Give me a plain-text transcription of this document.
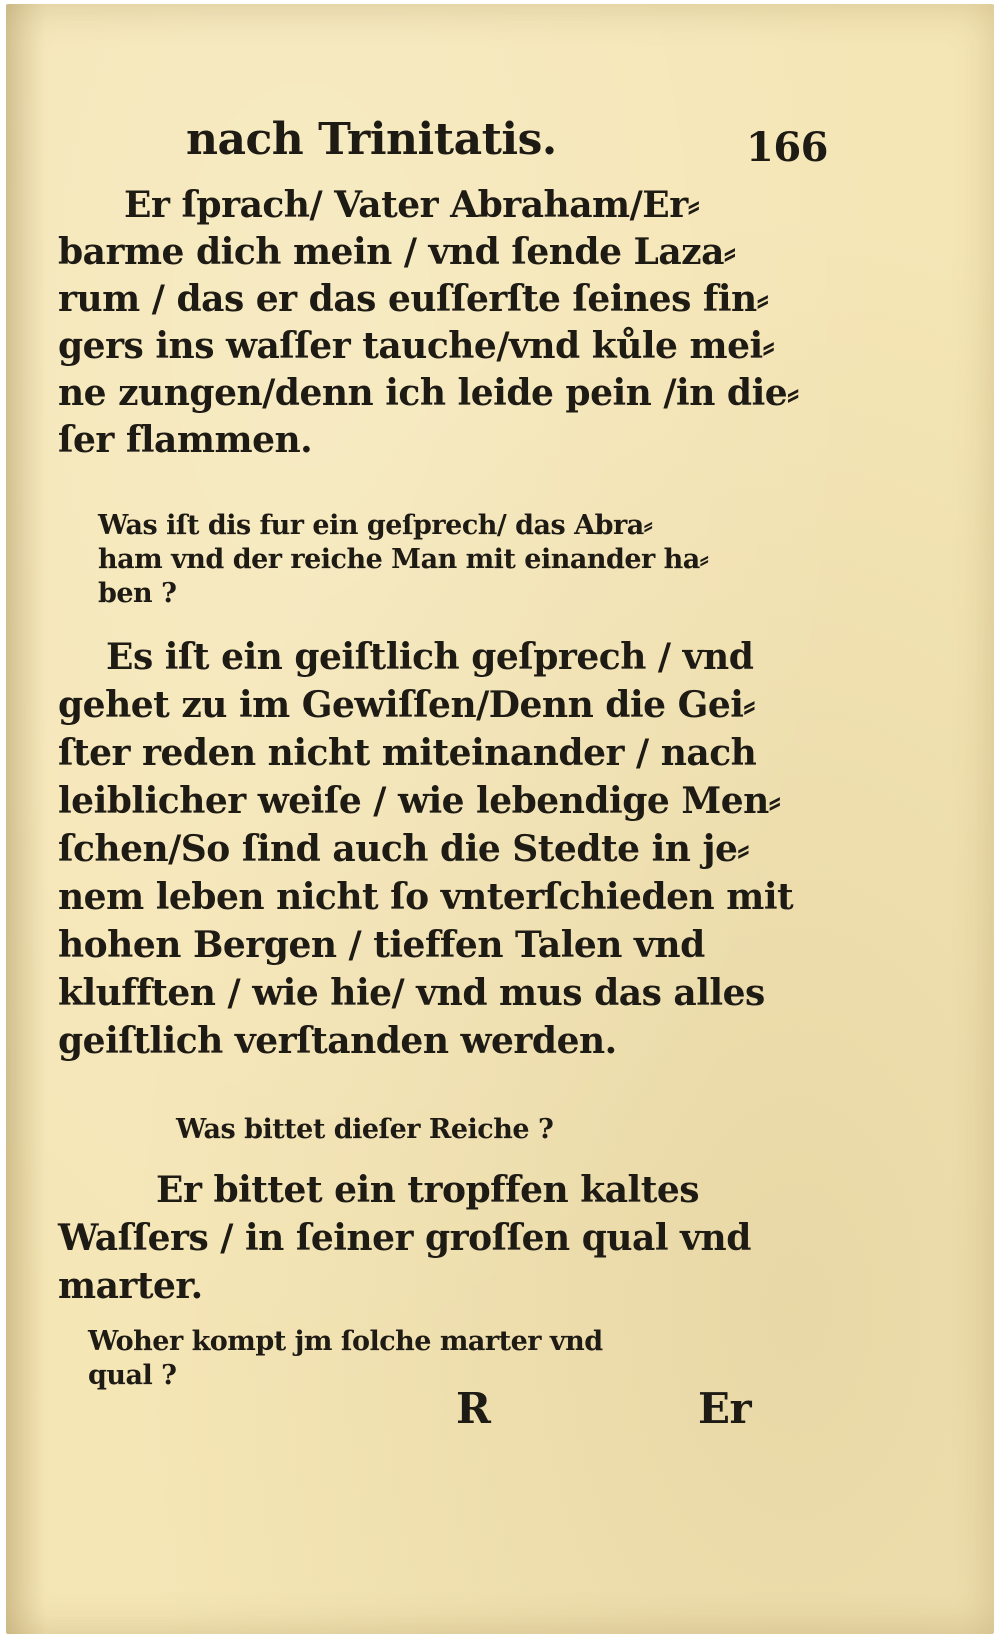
nach Trinitatis.	166
Er ſprach/ Vater Abraham/Er⸗
barme dich mein / vnd ſende Laza⸗
rum / das er das euſſerſte ſeines fin⸗
gers ins waſſer tauche/vnd kůle mei⸗
ne zungen/denn ich leide pein /in die⸗
ſer flammen.
Was iſt dis fur ein geſprech/ das Abra⸗
ham vnd der reiche Man mit einander ha⸗
ben ?
Es iſt ein geiſtlich geſprech / vnd
gehet zu im Gewiſſen/Denn die Gei⸗
ſter reden nicht miteinander / nach
leiblicher weiſe / wie lebendige Men⸗
ſchen/So ſind auch die Stedte in je⸗
nem leben nicht ſo vnterſchieden mit
hohen Bergen / tieffen Talen vnd
klufften / wie hie/ vnd mus das alles
geiſtlich verſtanden werden.
Was bittet dieſer Reiche ?
Er bittet ein tropffen kaltes
Waſſers / in ſeiner groſſen qual vnd
marter.
Woher kompt jm ſolche marter vnd
qual ?
R	Er
